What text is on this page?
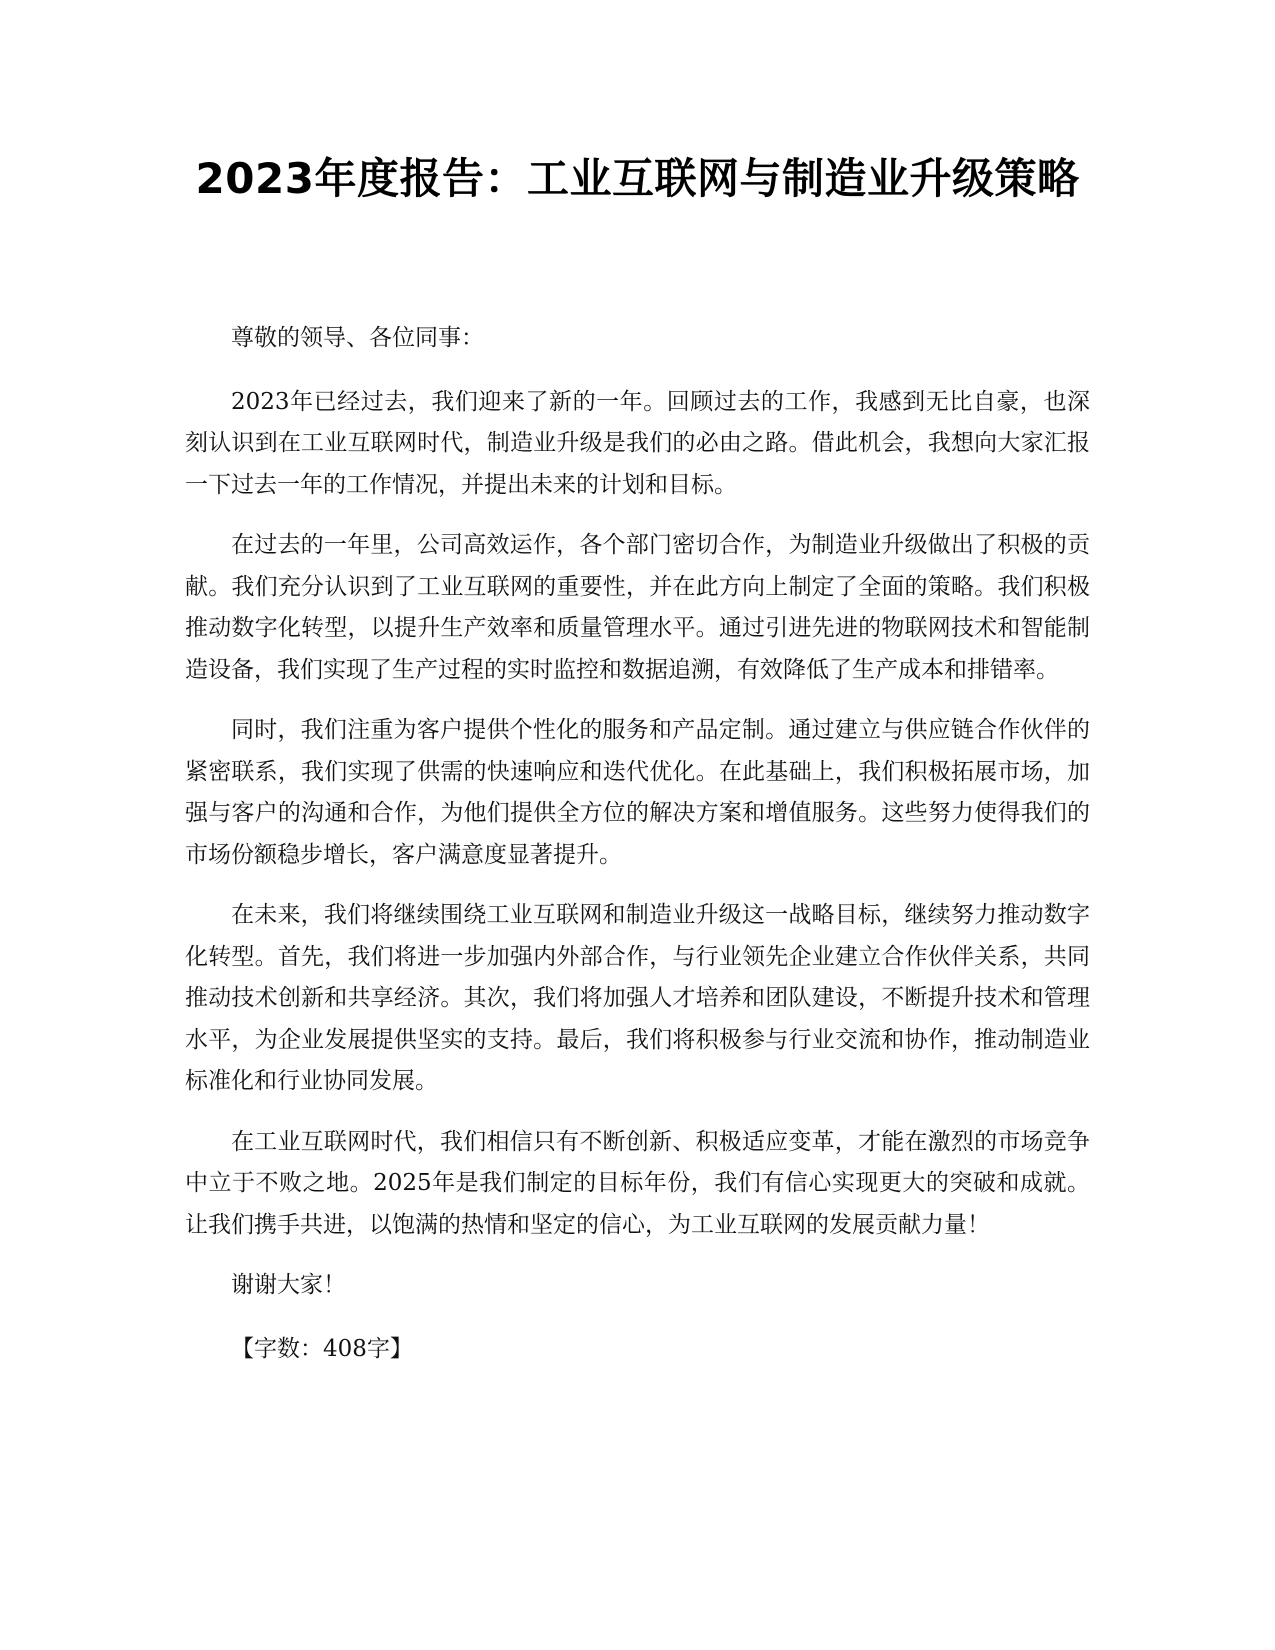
2023年度报告：工业互联网与制造业升级策略

尊敬的领导、各位同事：

2023年已经过去，我们迎来了新的一年。回顾过去的工作，我感到无比自豪，也深刻认识到在工业互联网时代，制造业升级是我们的必由之路。借此机会，我想向大家汇报一下过去一年的工作情况，并提出未来的计划和目标。

在过去的一年里，公司高效运作，各个部门密切合作，为制造业升级做出了积极的贡献。我们充分认识到了工业互联网的重要性，并在此方向上制定了全面的策略。我们积极推动数字化转型，以提升生产效率和质量管理水平。通过引进先进的物联网技术和智能制造设备，我们实现了生产过程的实时监控和数据追溯，有效降低了生产成本和排错率。

同时，我们注重为客户提供个性化的服务和产品定制。通过建立与供应链合作伙伴的紧密联系，我们实现了供需的快速响应和迭代优化。在此基础上，我们积极拓展市场，加强与客户的沟通和合作，为他们提供全方位的解决方案和增值服务。这些努力使得我们的市场份额稳步增长，客户满意度显著提升。

在未来，我们将继续围绕工业互联网和制造业升级这一战略目标，继续努力推动数字化转型。首先，我们将进一步加强内外部合作，与行业领先企业建立合作伙伴关系，共同推动技术创新和共享经济。其次，我们将加强人才培养和团队建设，不断提升技术和管理水平，为企业发展提供坚实的支持。最后，我们将积极参与行业交流和协作，推动制造业标准化和行业协同发展。

在工业互联网时代，我们相信只有不断创新、积极适应变革，才能在激烈的市场竞争中立于不败之地。2025年是我们制定的目标年份，我们有信心实现更大的突破和成就。让我们携手共进，以饱满的热情和坚定的信心，为工业互联网的发展贡献力量！

谢谢大家！

【字数：408字】
